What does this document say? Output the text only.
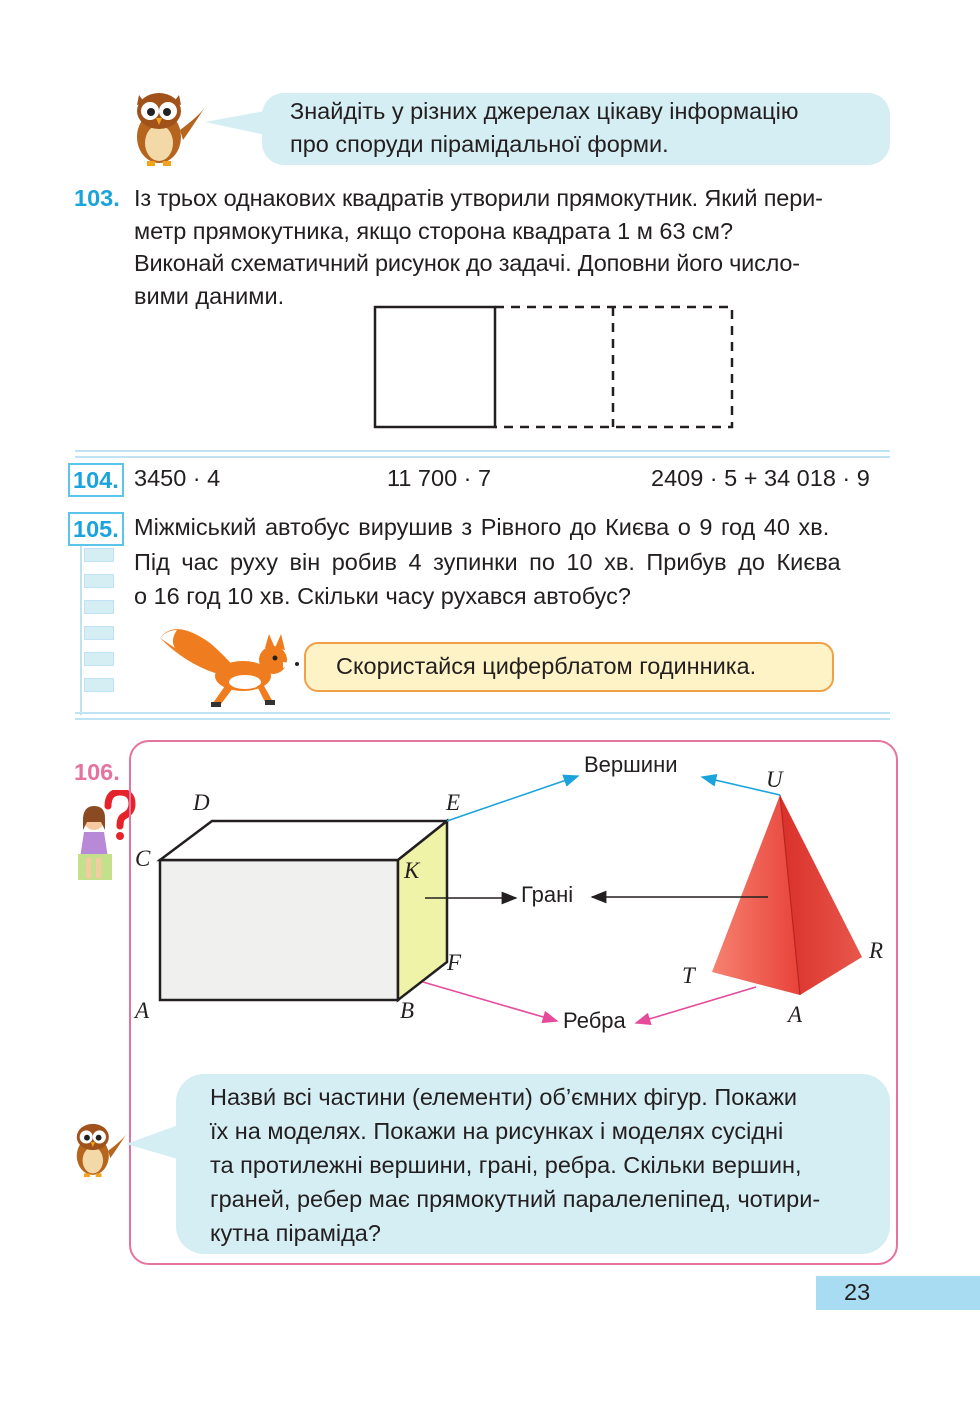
Знайдіть у різних джерелах цікаву інформацію
про споруди пірамідальної форми.
103. Із трьох однакових квадратів утворили прямокутник. Який пери-
метр прямокутника, якщо сторона квадрата 1 м 63 см?
Виконай схематичний рисунок до задачі. Доповни його число-
вими даними.
104. 3450 · 4	11 700 · 7	2409 · 5 + 34 018 · 9
105. Міжміський автобус вирушив з Рівного до Києва о 9 год 40 хв.
Під час руху він робив 4 зупинки по 10 хв. Прибув до Києва
о 16 год 10 хв. Скільки часу рухався автобус?
Скористайся циферблатом годинника.
106.	Вершини
Грані
Ребра
D	E
C	K
F
A	B
U
R
T
A
Назви́ всі частини (елементи) об’ємних фігур. Покажи
їх на моделях. Покажи на рисунках і моделях сусідні
та протилежні вершини, грані, ребра. Скільки вершин,
граней, ребер має прямокутний паралелепіпед, чотири-
кутна піраміда?
23
